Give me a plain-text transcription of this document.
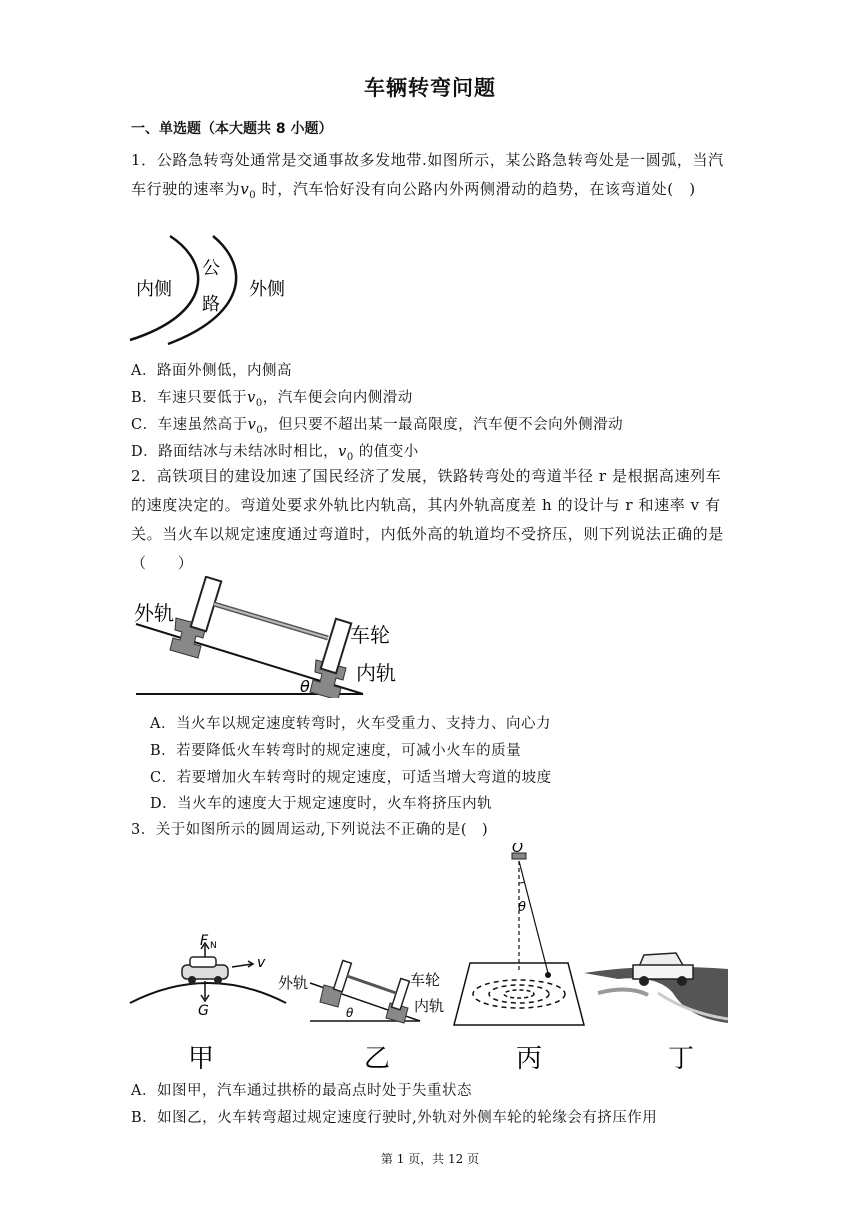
车辆转弯问题
一、单选题（本大题共 8 小题）
1．公路急转弯处通常是交通事故多发地带.如图所示，某公路急转弯处是一圆弧，当汽车行驶的速率为$v_0$ 时，汽车恰好没有向公路内外两侧滑动的趋势，在该弯道处(　)
内侧
公
路
外侧
A．路面外侧低，内侧高
B．车速只要低于$v_0$，汽车便会向内侧滑动
C．车速虽然高于$v_0$，但只要不超出某一最高限度，汽车便不会向外侧滑动
D．路面结冰与未结冰时相比，$v_0$ 的值变小
2．高铁项目的建设加速了国民经济了发展，铁路转弯处的弯道半径 r 是根据高速列车的速度决定的。弯道处要求外轨比内轨高，其内外轨高度差 h 的设计与 r 和速率 v 有关。当火车以规定速度通过弯道时，内低外高的轨道均不受挤压，则下列说法正确的是（　　）
外轨
车轮
内轨
θ
A．当火车以规定速度转弯时，火车受重力、支持力、向心力
B．若要降低火车转弯时的规定速度，可减小火车的质量
C．若要增加火车转弯时的规定速度，可适当增大弯道的坡度
D．当火车的速度大于规定速度时，火车将挤压内轨
3．关于如图所示的圆周运动,下列说法不正确的是(　)
F N
v
G
外轨	车轮
内轨
θ
O
θ
甲	乙	丙	丁
A．如图甲，汽车通过拱桥的最高点时处于失重状态
B．如图乙，火车转弯超过规定速度行驶时,外轨对外侧车轮的轮缘会有挤压作用
第 1 页，共 12 页
